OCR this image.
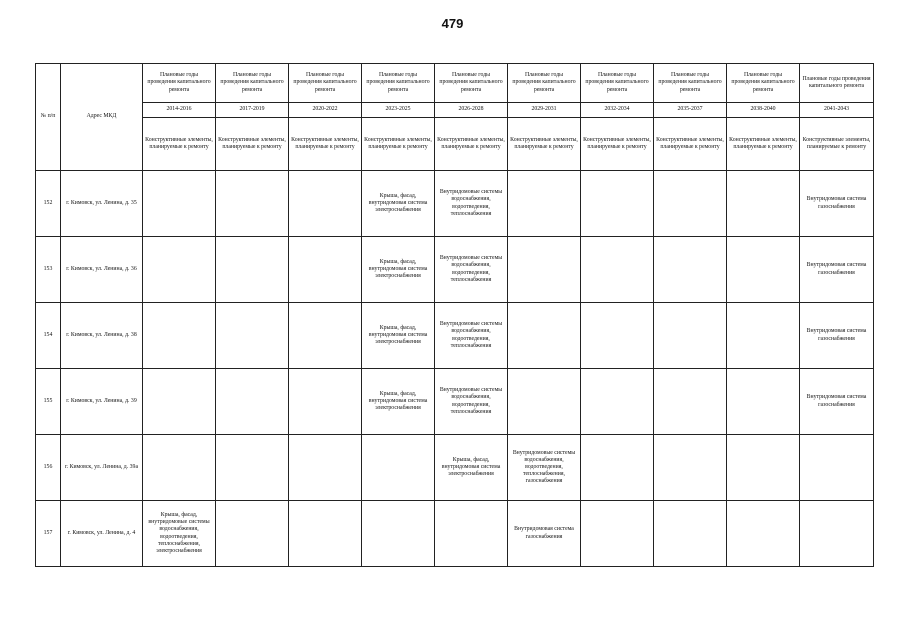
479
№ п/п	Адрес МКД	Плановые годы проведения капитального ремонта	Плановые годы проведения капитального ремонта	Плановые годы проведения капитального ремонта	Плановые годы проведения капитального ремонта	Плановые годы проведения капитального ремонта	Плановые годы проведения капитального ремонта	Плановые годы проведения капитального ремонта	Плановые годы проведения капитального ремонта	Плановые годы проведения капитального ремонта	Плановые годы проведения капитального ремонта
		2014-2016	2017-2019	2020-2022	2023-2025	2026-2028	2029-2031	2032-2034	2035-2037	2038-2040	2041-2043
		Конструктивные элементы, планируемые к ремонту	Конструктивные элементы, планируемые к ремонту	Конструктивные элементы, планируемые к ремонту	Конструктивные элементы, планируемые к ремонту	Конструктивные элементы, планируемые к ремонту	Конструктивные элементы, планируемые к ремонту	Конструктивные элементы, планируемые к ремонту	Конструктивные элементы, планируемые к ремонту	Конструктивные элементы, планируемые к ремонту	Конструктивные элементы, планируемые к ремонту
152	г. Кимовск, ул. Ленина, д. 35				Крыша, фасад, внутридомовая система электроснабжения	Внутридомовые системы водоснабжения, водоотведения, теплоснабжения					Внутридомовая система газоснабжения
153	г. Кимовск, ул. Ленина, д. 36				Крыша, фасад, внутридомовая система электроснабжения	Внутридомовые системы водоснабжения, водоотведения, теплоснабжения					Внутридомовая система газоснабжения
154	г. Кимовск, ул. Ленина, д. 38				Крыша, фасад, внутридомовая система электроснабжения	Внутридомовые системы водоснабжения, водоотведения, теплоснабжения					Внутридомовая система газоснабжения
155	г. Кимовск, ул. Ленина, д. 39				Крыша, фасад, внутридомовая система электроснабжения	Внутридомовые системы водоснабжения, водоотведения, теплоснабжения					Внутридомовая система газоснабжения
156	г. Кимовск, ул. Ленина, д. 39а					Крыша, фасад, внутридомовая система электроснабжения	Внутридомовые системы водоснабжения, водоотведения, теплоснабжения, газоснабжения				
157	г. Кимовск, ул. Ленина, д. 4	Крыша, фасад, внутридомовые системы водоснабжения, водоотведения, теплоснабжения, электроснабжения					Внутридомовая система газоснабжения				
